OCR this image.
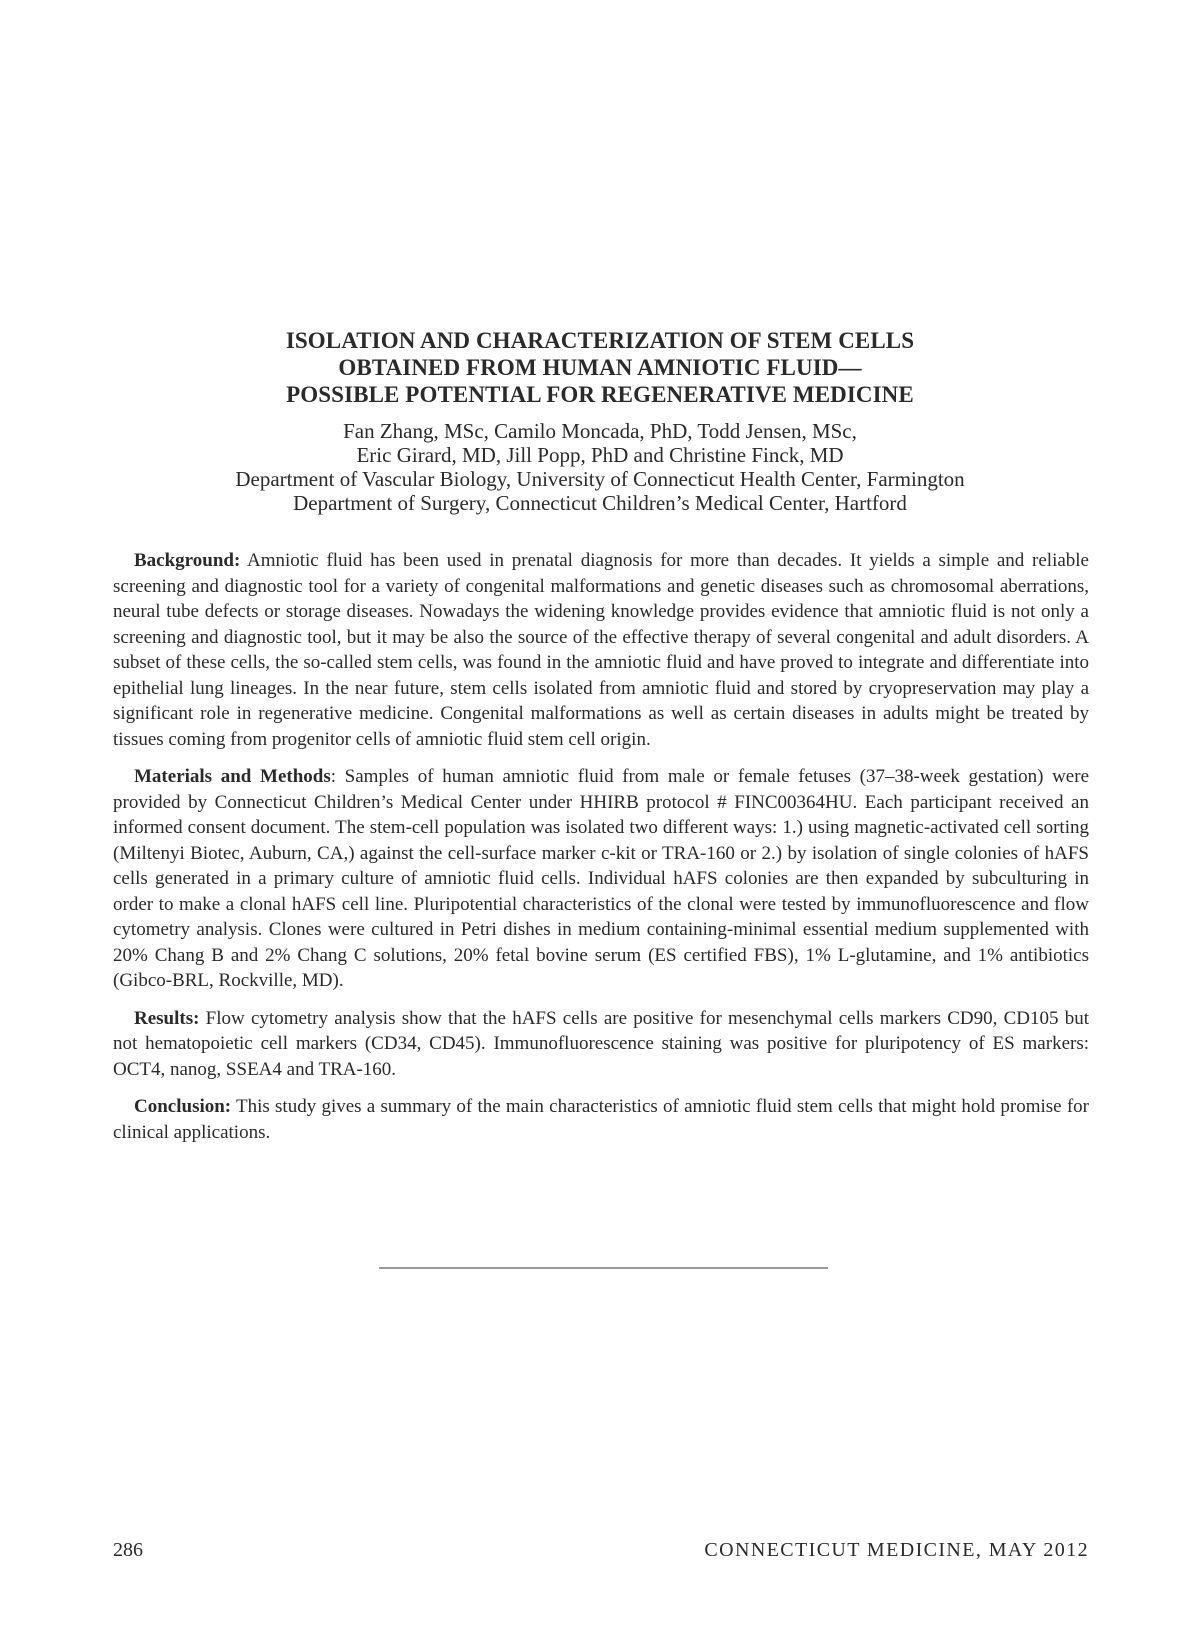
ISOLATION AND CHARACTERIZATION OF STEM CELLS
OBTAINED FROM HUMAN AMNIOTIC FLUID—
POSSIBLE POTENTIAL FOR REGENERATIVE MEDICINE
Fan Zhang, MSc, Camilo Moncada, PhD, Todd Jensen, MSc,
Eric Girard, MD, Jill Popp, PhD and Christine Finck, MD
Department of Vascular Biology, University of Connecticut Health Center, Farmington
Department of Surgery, Connecticut Children’s Medical Center, Hartford

Background: Amniotic fluid has been used in prenatal diagnosis for more than decades. It yields a simple and reliable screening and diagnostic tool for a variety of congenital malformations and genetic diseases such as chromosomal aberrations, neural tube defects or storage diseases. Nowadays the widening knowledge provides evidence that amniotic fluid is not only a screening and diagnostic tool, but it may be also the source of the effective therapy of several congenital and adult disorders. A subset of these cells, the so-called stem cells, was found in the amniotic fluid and have proved to integrate and differentiate into epithelial lung lineages. In the near future, stem cells isolated from amniotic fluid and stored by cryopreservation may play a significant role in regenerative medicine. Congenital malformations as well as certain diseases in adults might be treated by tissues coming from progenitor cells of amniotic fluid stem cell origin.

Materials and Methods: Samples of human amniotic fluid from male or female fetuses (37–38-week gestation) were provided by Connecticut Children’s Medical Center under HHIRB protocol # FINC00364HU. Each participant received an informed consent document. The stem-cell population was isolated two different ways: 1.) using magnetic-activated cell sorting (Miltenyi Biotec, Auburn, CA,) against the cell-surface marker c-kit or TRA-160 or 2.) by isolation of single colonies of hAFS cells generated in a primary culture of amniotic fluid cells. Individual hAFS colonies are then expanded by subculturing in order to make a clonal hAFS cell line. Pluripotential characteristics of the clonal were tested by immunofluorescence and flow cytometry analysis. Clones were cultured in Petri dishes in medium containing-minimal essential medium supplemented with 20% Chang B and 2% Chang C solutions, 20% fetal bovine serum (ES certified FBS), 1% L-glutamine, and 1% antibiotics (Gibco-BRL, Rockville, MD).

Results: Flow cytometry analysis show that the hAFS cells are positive for mesenchymal cells markers CD90, CD105 but not hematopoietic cell markers (CD34, CD45). Immunofluorescence staining was positive for pluripotency of ES markers: OCT4, nanog, SSEA4 and TRA-160.

Conclusion: This study gives a summary of the main characteristics of amniotic fluid stem cells that might hold promise for clinical applications.

286	CONNECTICUT MEDICINE, MAY 2012
